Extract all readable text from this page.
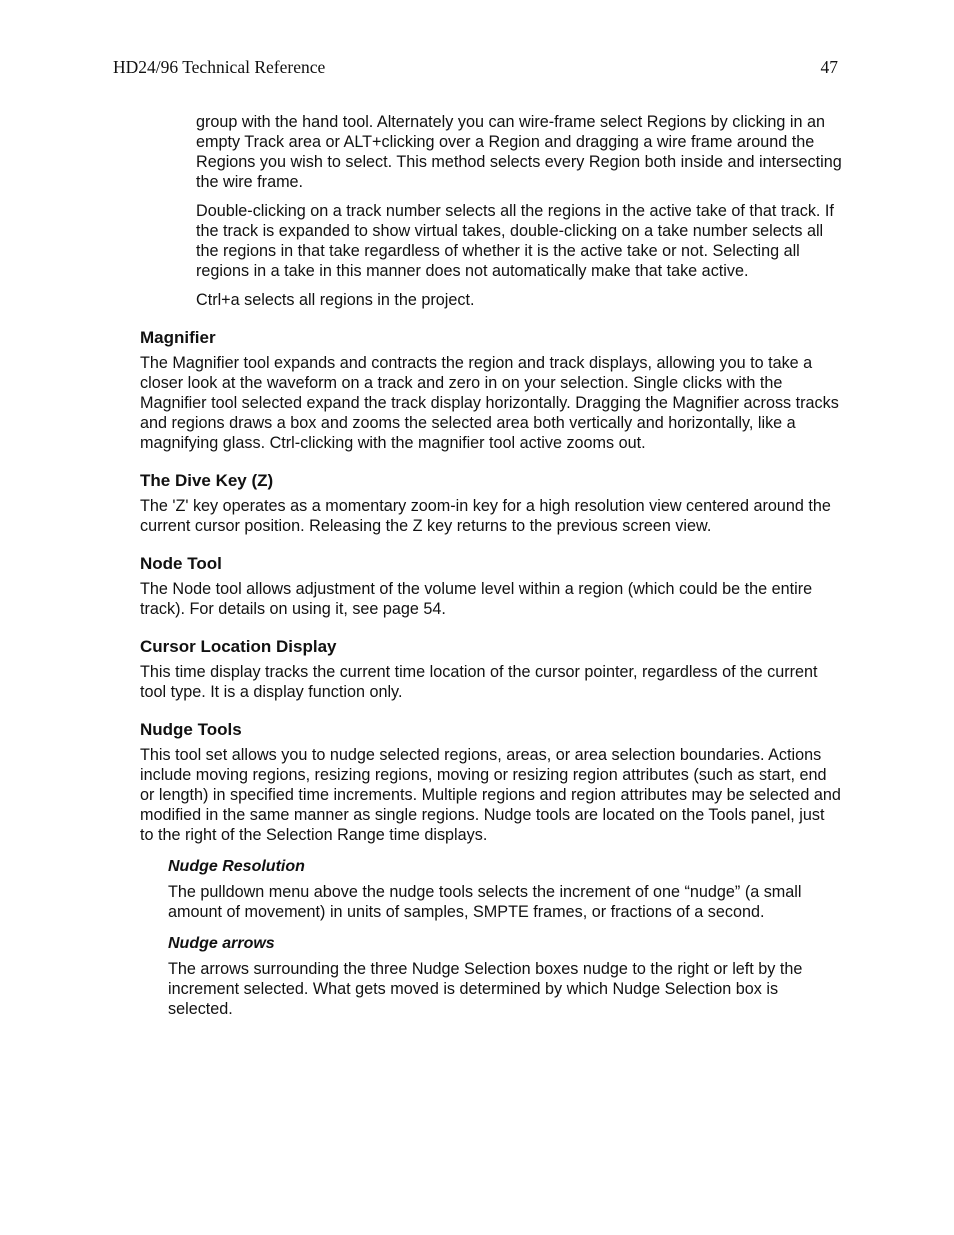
HD24/96 Technical Reference	47

group with the hand tool. Alternately you can wire-frame select Regions by clicking in an empty Track area or ALT+clicking over a Region and dragging a wire frame around the Regions you wish to select. This method selects every Region both inside and intersecting the wire frame.

Double-clicking on a track number selects all the regions in the active take of that track. If the track is expanded to show virtual takes, double-clicking on a take number selects all the regions in that take regardless of whether it is the active take or not. Selecting all regions in a take in this manner does not automatically make that take active.

Ctrl+a selects all regions in the project.

Magnifier

The Magnifier tool expands and contracts the region and track displays, allowing you to take a closer look at the waveform on a track and zero in on your selection. Single clicks with the Magnifier tool selected expand the track display horizontally. Dragging the Magnifier across tracks and regions draws a box and zooms the selected area both vertically and horizontally, like a magnifying glass. Ctrl-clicking with the magnifier tool active zooms out.

The Dive Key (Z)

The 'Z' key operates as a momentary zoom-in key for a high resolution view centered around the current cursor position. Releasing the Z key returns to the previous screen view.

Node Tool

The Node tool allows adjustment of the volume level within a region (which could be the entire track). For details on using it, see page 54.

Cursor Location Display

This time display tracks the current time location of the cursor pointer, regardless of the current tool type. It is a display function only.

Nudge Tools

This tool set allows you to nudge selected regions, areas, or area selection boundaries. Actions include moving regions, resizing regions, moving or resizing region attributes (such as start, end or length) in specified time increments. Multiple regions and region attributes may be selected and modified in the same manner as single regions. Nudge tools are located on the Tools panel, just to the right of the Selection Range time displays.

Nudge Resolution

The pulldown menu above the nudge tools selects the increment of one “nudge” (a small amount of movement) in units of samples, SMPTE frames, or fractions of a second.

Nudge arrows

The arrows surrounding the three Nudge Selection boxes nudge to the right or left by the increment selected. What gets moved is determined by which Nudge Selection box is selected.
